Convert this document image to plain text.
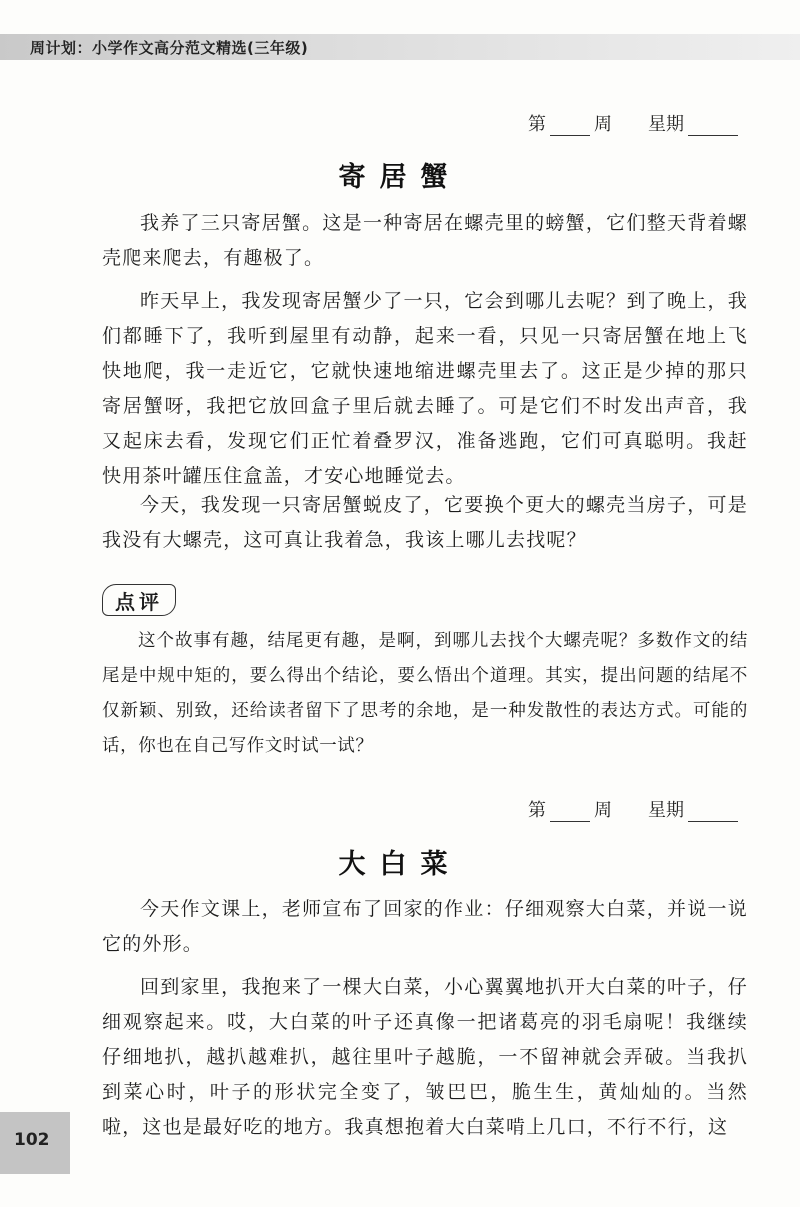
周计划：小学作文高分范文精选(三年级)
第	周 星期
寄居蟹

我养了三只寄居蟹。这是一种寄居在螺壳里的螃蟹，它们整天背着螺壳爬来爬去，有趣极了。

昨天早上，我发现寄居蟹少了一只，它会到哪儿去呢？到了晚上，我们都睡下了，我听到屋里有动静，起来一看，只见一只寄居蟹在地上飞快地爬，我一走近它，它就快速地缩进螺壳里去了。这正是少掉的那只寄居蟹呀，我把它放回盒子里后就去睡了。可是它们不时发出声音，我又起床去看，发现它们正忙着叠罗汉，准备逃跑，它们可真聪明。我赶快用茶叶罐压住盒盖，才安心地睡觉去。

今天，我发现一只寄居蟹蜕皮了，它要换个更大的螺壳当房子，可是我没有大螺壳，这可真让我着急，我该上哪儿去找呢？

点评

这个故事有趣，结尾更有趣，是啊，到哪儿去找个大螺壳呢？多数作文的结尾是中规中矩的，要么得出个结论，要么悟出个道理。其实，提出问题的结尾不仅新颖、别致，还给读者留下了思考的余地，是一种发散性的表达方式。可能的话，你也在自己写作文时试一试？

第	周 星期
大白菜

今天作文课上，老师宣布了回家的作业：仔细观察大白菜，并说一说它的外形。

回到家里，我抱来了一棵大白菜，小心翼翼地扒开大白菜的叶子，仔细观察起来。哎，大白菜的叶子还真像一把诸葛亮的羽毛扇呢！我继续仔细地扒，越扒越难扒，越往里叶子越脆，一不留神就会弄破。当我扒到菜心时，叶子的形状完全变了，皱巴巴，脆生生，黄灿灿的。当然啦，这也是最好吃的地方。我真想抱着大白菜啃上几口，不行不行，这

102
